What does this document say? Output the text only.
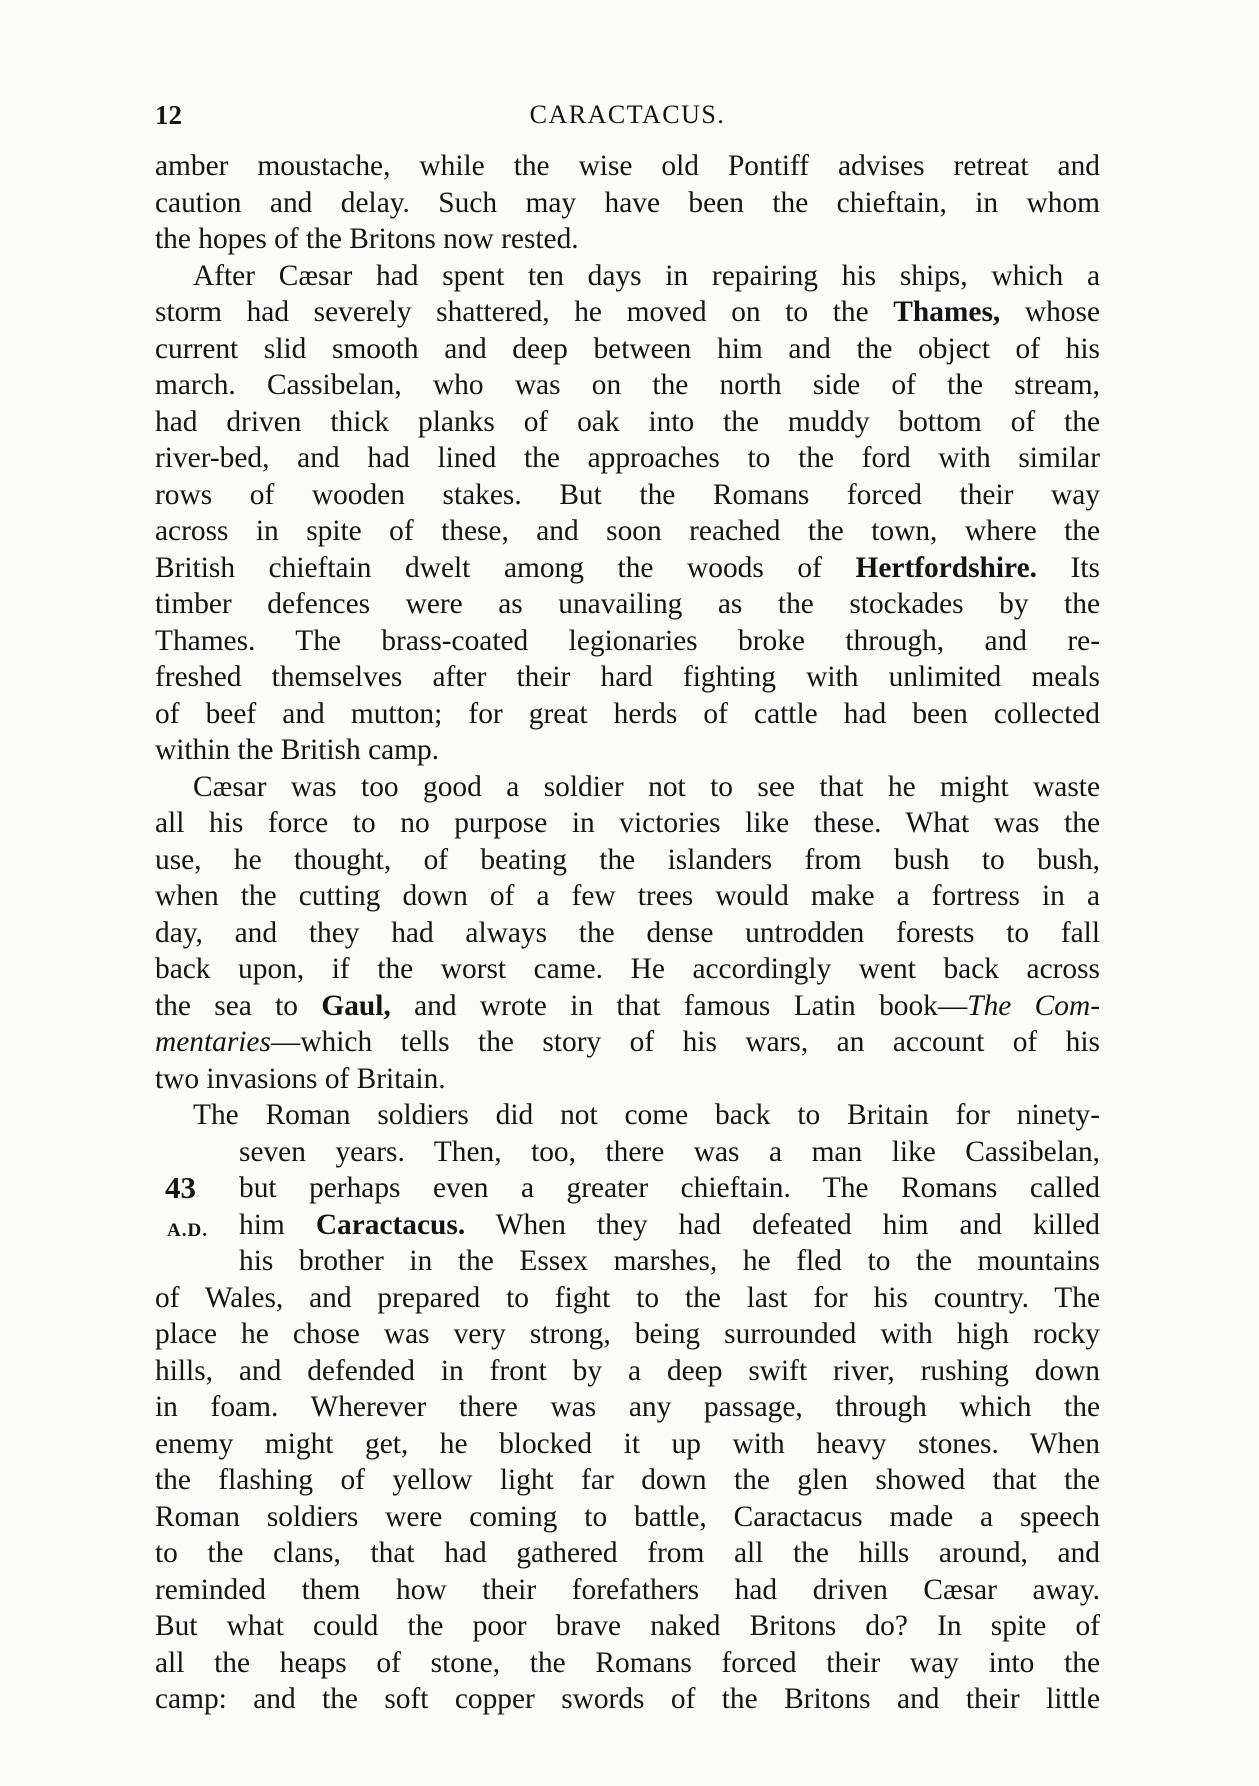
12	CARACTACUS.
amber moustache, while the wise old Pontiff advises retreat and
caution and delay. Such may have been the chieftain, in whom
the hopes of the Britons now rested.
After Cæsar had spent ten days in repairing his ships, which a
storm had severely shattered, he moved on to the Thames, whose
current slid smooth and deep between him and the object of his
march. Cassibelan, who was on the north side of the stream,
had driven thick planks of oak into the muddy bottom of the
river-bed, and had lined the approaches to the ford with similar
rows of wooden stakes. But the Romans forced their way
across in spite of these, and soon reached the town, where the
British chieftain dwelt among the woods of Hertfordshire. Its
timber defences were as unavailing as the stockades by the
Thames. The brass-coated legionaries broke through, and re-
freshed themselves after their hard fighting with unlimited meals
of beef and mutton; for great herds of cattle had been collected
within the British camp.
Cæsar was too good a soldier not to see that he might waste
all his force to no purpose in victories like these. What was the
use, he thought, of beating the islanders from bush to bush,
when the cutting down of a few trees would make a fortress in a
day, and they had always the dense untrodden forests to fall
back upon, if the worst came. He accordingly went back across
the sea to Gaul, and wrote in that famous Latin book—The Com-
mentaries—which tells the story of his wars, an account of his
two invasions of Britain.
The Roman soldiers did not come back to Britain for ninety-
seven years. Then, too, there was a man like Cassibelan,
43	but perhaps even a greater chieftain. The Romans called
A.D.	him Caractacus. When they had defeated him and killed
his brother in the Essex marshes, he fled to the mountains
of Wales, and prepared to fight to the last for his country. The
place he chose was very strong, being surrounded with high rocky
hills, and defended in front by a deep swift river, rushing down
in foam. Wherever there was any passage, through which the
enemy might get, he blocked it up with heavy stones. When
the flashing of yellow light far down the glen showed that the
Roman soldiers were coming to battle, Caractacus made a speech
to the clans, that had gathered from all the hills around, and
reminded them how their forefathers had driven Cæsar away.
But what could the poor brave naked Britons do? In spite of
all the heaps of stone, the Romans forced their way into the
camp: and the soft copper swords of the Britons and their little
